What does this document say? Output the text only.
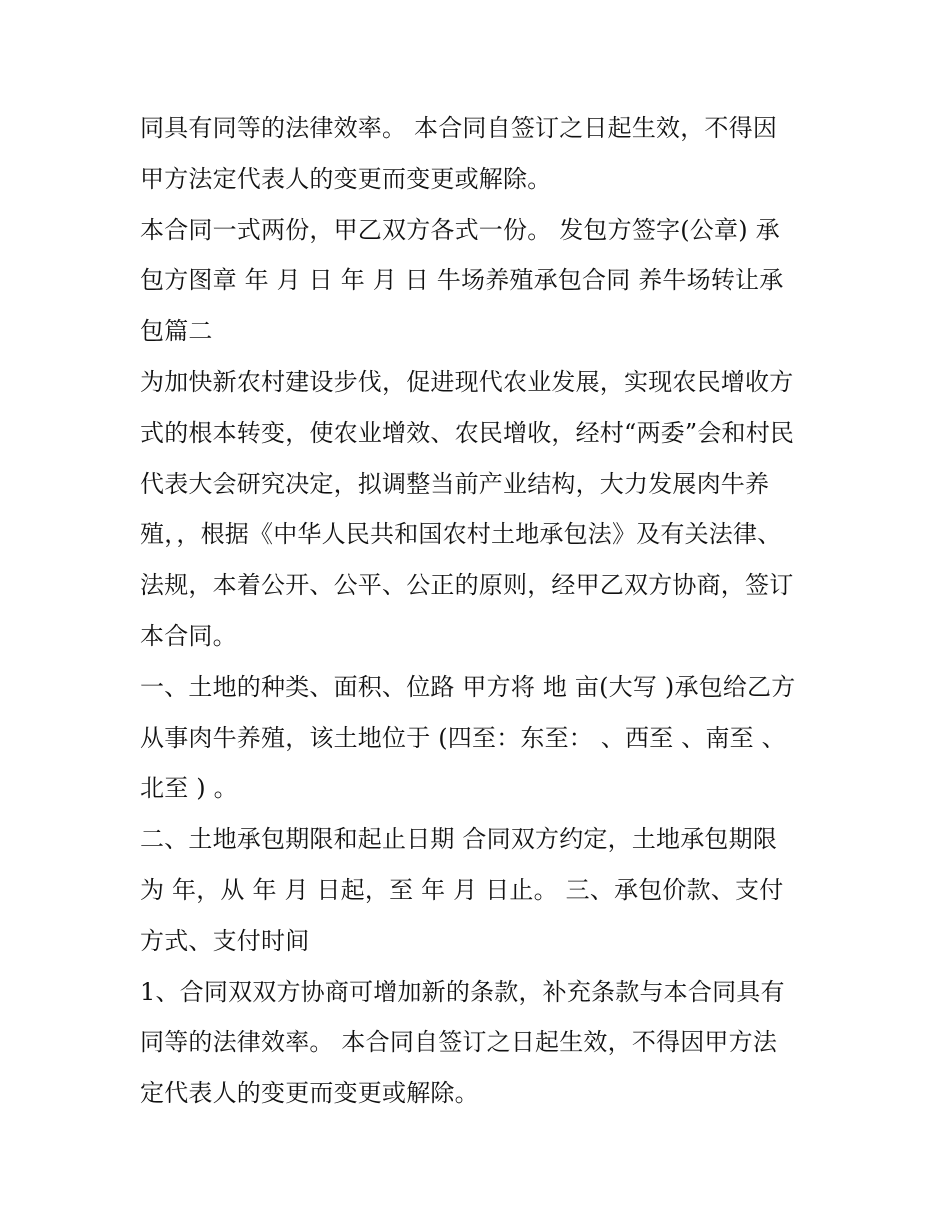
同具有同等的法律效率。 本合同自签订之日起生效，不得因
甲方法定代表人的变更而变更或解除。
本合同一式两份，甲乙双方各式一份。 发包方签字(公章) 承
包方图章 年 月 日 年 月 日 牛场养殖承包合同 养牛场转让承
包篇二
为加快新农村建设步伐，促进现代农业发展，实现农民增收方
式的根本转变，使农业增效、农民增收，经村“两委”会和村民
代表大会研究决定，拟调整当前产业结构，大力发展肉牛养
殖，，根据《中华人民共和国农村土地承包法》及有关法律、
法规，本着公开、公平、公正的原则，经甲乙双方协商，签订
本合同。
一、土地的种类、面积、位路 甲方将 地 亩(大写 )承包给乙方
从事肉牛养殖，该土地位于 (四至：东至： 、西至 、南至 、
北至 ) 。
二、土地承包期限和起止日期 合同双方约定，土地承包期限
为 年，从 年 月 日起，至 年 月 日止。 三、承包价款、支付
方式、支付时间
1、合同双双方协商可增加新的条款，补充条款与本合同具有
同等的法律效率。 本合同自签订之日起生效，不得因甲方法
定代表人的变更而变更或解除。
